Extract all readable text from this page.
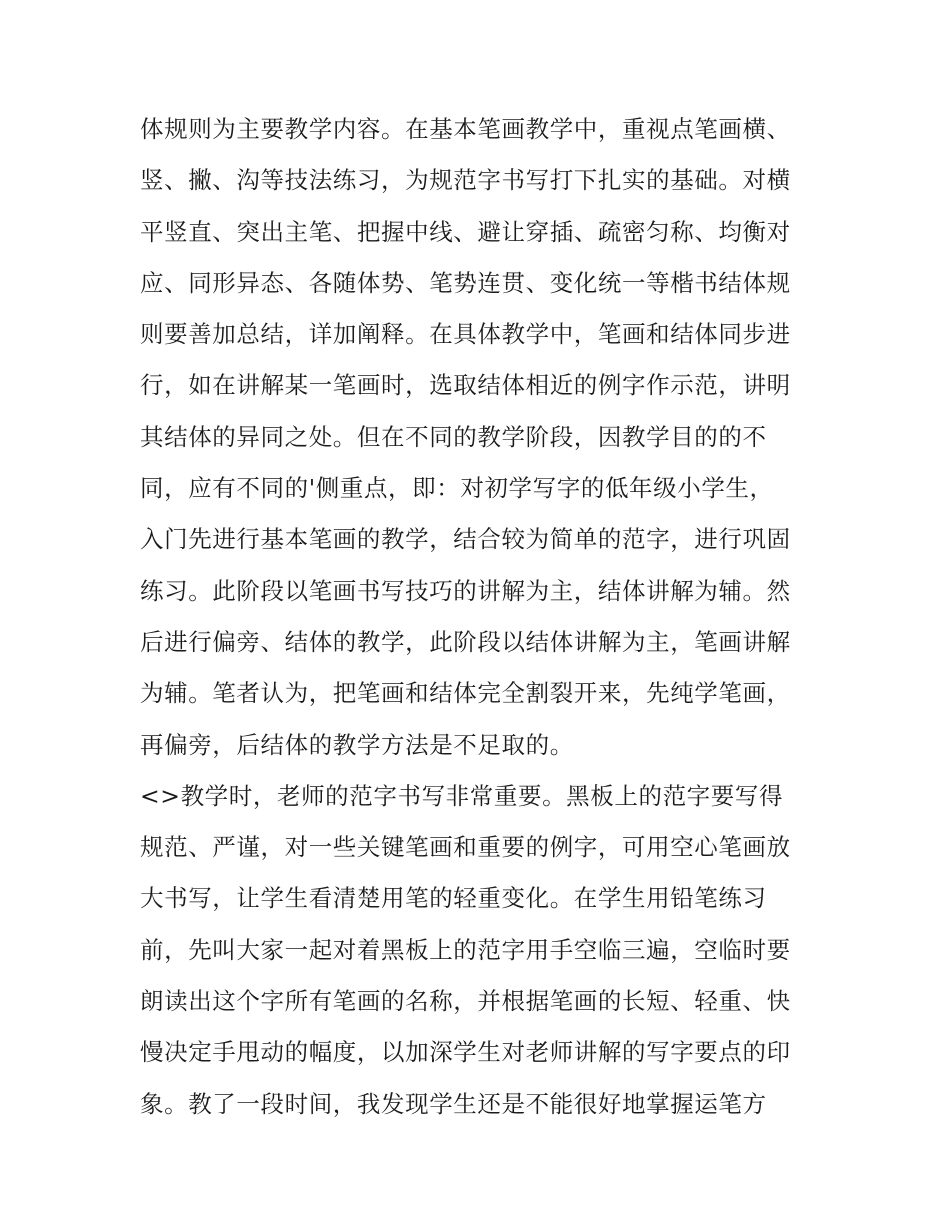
体规则为主要教学内容。在基本笔画教学中，重视点笔画横、
竖、撇、沟等技法练习，为规范字书写打下扎实的基础。对横
平竖直、突出主笔、把握中线、避让穿插、疏密匀称、均衡对
应、同形异态、各随体势、笔势连贯、变化统一等楷书结体规
则要善加总结，详加阐释。在具体教学中，笔画和结体同步进
行，如在讲解某一笔画时，选取结体相近的例字作示范，讲明
其结体的异同之处。但在不同的教学阶段，因教学目的的不
同，应有不同的'侧重点，即：对初学写字的低年级小学生，
入门先进行基本笔画的教学，结合较为简单的范字，进行巩固
练习。此阶段以笔画书写技巧的讲解为主，结体讲解为辅。然
后进行偏旁、结体的教学，此阶段以结体讲解为主，笔画讲解
为辅。笔者认为，把笔画和结体完全割裂开来，先纯学笔画，
再偏旁，后结体的教学方法是不足取的。
<>教学时，老师的范字书写非常重要。黑板上的范字要写得
规范、严谨，对一些关键笔画和重要的例字，可用空心笔画放
大书写，让学生看清楚用笔的轻重变化。在学生用铅笔练习
前，先叫大家一起对着黑板上的范字用手空临三遍，空临时要
朗读出这个字所有笔画的名称，并根据笔画的长短、轻重、快
慢决定手甩动的幅度，以加深学生对老师讲解的写字要点的印
象。教了一段时间，我发现学生还是不能很好地掌握运笔方
